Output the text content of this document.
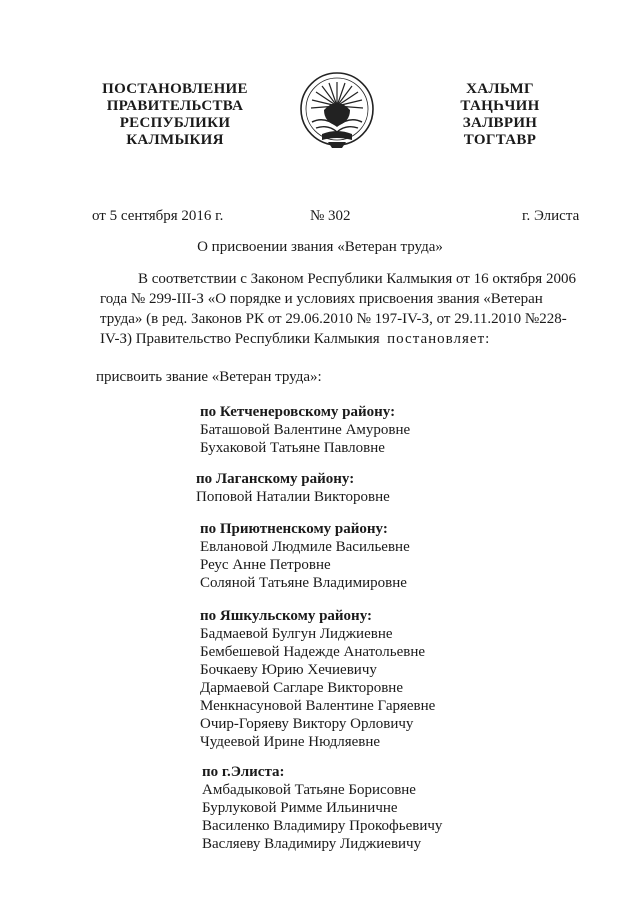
ПОСТАНОВЛЕНИЕ
ПРАВИТЕЛЬСТВА
РЕСПУБЛИКИ
КАЛМЫКИЯ
ХАЛЬМГ
ТАҢҺЧИН
ЗАЛВРИН
ТОГТАВР
от 5 сентября 2016 г.	№ 302	г. Элиста
О присвоении звания «Ветеран труда»
В соответствии с Законом Республики Калмыкия от 16 октября 2006
года № 299-III-З «О порядке и условиях присвоения звания «Ветеран
труда» (в ред. Законов РК от 29.06.2010 № 197-IV-З, от 29.11.2010 №228-
IV-З) Правительство Республики Калмыкия постановляет:
присвоить звание «Ветеран труда»:
по Кетченеровскому району:
Баташовой Валентине Амуровне
Бухаковой Татьяне Павловне
по Лаганскому району:
Поповой Наталии Викторовне
по Приютненскому району:
Евлановой Людмиле Васильевне
Реус Анне Петровне
Соляной Татьяне Владимировне
по Яшкульскому району:
Бадмаевой Булгун Лиджиевне
Бембешевой Надежде Анатольевне
Бочкаеву Юрию Хечиевичу
Дармаевой Сагларе Викторовне
Менкнасуновой Валентине Гаряевне
Очир-Горяеву Виктору Орловичу
Чудеевой Ирине Нюдляевне
по г.Элиста:
Амбадыковой Татьяне Борисовне
Бурлуковой Римме Ильиничне
Василенко Владимиру Прокофьевичу
Васляеву Владимиру Лиджиевичу
